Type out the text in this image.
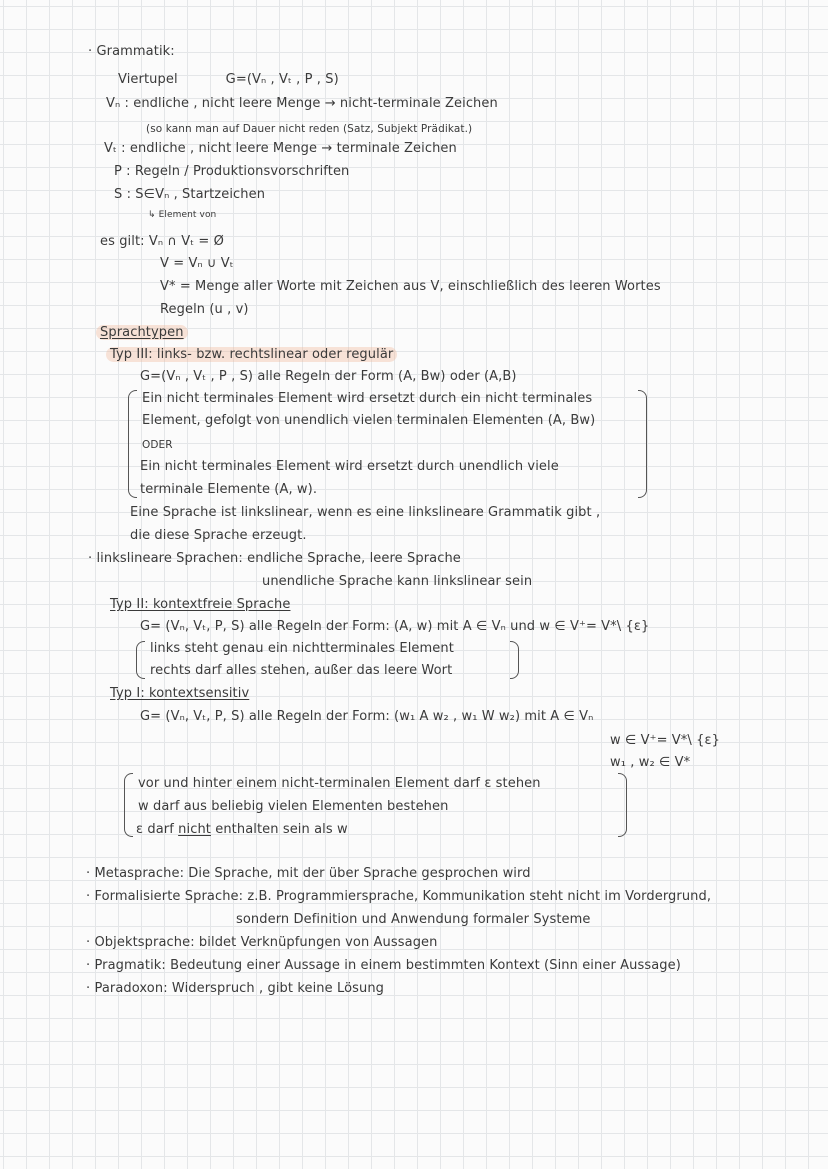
· Grammatik:
Viertupel	G=(Vₙ , Vₜ , P , S)
Vₙ : endliche , nicht leere Menge → nicht-terminale Zeichen
(so kann man auf Dauer nicht reden (Satz, Subjekt Prädikat.)
Vₜ : endliche , nicht leere Menge → terminale Zeichen
P : Regeln / Produktionsvorschriften
S : S∈Vₙ , Startzeichen
↳ Element von
es gilt: Vₙ ∩ Vₜ = Ø
V = Vₙ ∪ Vₜ
V* = Menge aller Worte mit Zeichen aus V, einschließlich des leeren Wortes
Regeln (u , v)
Sprachtypen
Typ III: links- bzw. rechtslinear oder regulär
G=(Vₙ , Vₜ , P , S) alle Regeln der Form (A, Bw) oder (A,B)
Ein nicht terminales Element wird ersetzt durch ein nicht terminales
Element, gefolgt von unendlich vielen terminalen Elementen (A, Bw)
ODER
Ein nicht terminales Element wird ersetzt durch unendlich viele
terminale Elemente (A, w).
Eine Sprache ist linkslinear, wenn es eine linkslineare Grammatik gibt ,
die diese Sprache erzeugt.
· linkslineare Sprachen: endliche Sprache, leere Sprache
unendliche Sprache kann linkslinear sein
Typ II: kontextfreie Sprache
G= (Vₙ, Vₜ, P, S) alle Regeln der Form: (A, w) mit A ∈ Vₙ und w ∈ V⁺= V*\ {ε}
links steht genau ein nichtterminales Element
rechts darf alles stehen, außer das leere Wort
Typ I: kontextsensitiv
G= (Vₙ, Vₜ, P, S) alle Regeln der Form: (w₁ A w₂ , w₁ W w₂) mit A ∈ Vₙ
w ∈ V⁺= V*\ {ε}
w₁ , w₂ ∈ V*
vor und hinter einem nicht-terminalen Element darf ε stehen
w darf aus beliebig vielen Elementen bestehen
ε darf nicht enthalten sein als w
· Metasprache: Die Sprache, mit der über Sprache gesprochen wird
· Formalisierte Sprache: z.B. Programmiersprache, Kommunikation steht nicht im Vordergrund,
sondern Definition und Anwendung formaler Systeme
· Objektsprache: bildet Verknüpfungen von Aussagen
· Pragmatik: Bedeutung einer Aussage in einem bestimmten Kontext (Sinn einer Aussage)
· Paradoxon: Widerspruch , gibt keine Lösung
